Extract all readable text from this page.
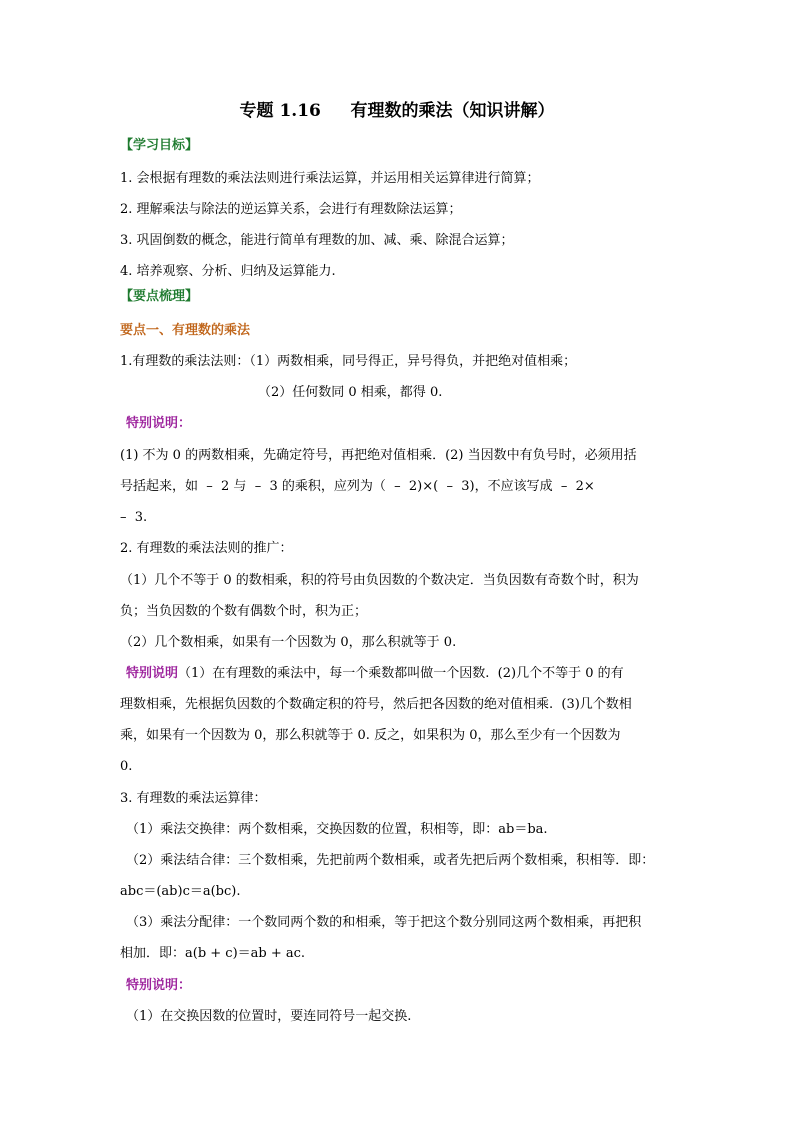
专题 1.16     有理数的乘法（知识讲解）
【学习目标】
1. 会根据有理数的乘法法则进行乘法运算，并运用相关运算律进行简算；
2. 理解乘法与除法的逆运算关系，会进行有理数除法运算；
3. 巩固倒数的概念，能进行简单有理数的加、减、乘、除混合运算；
4. 培养观察、分析、归纳及运算能力.
【要点梳理】
要点一、有理数的乘法
1.有理数的乘法法则：（1）两数相乘，同号得正，异号得负，并把绝对值相乘；
（2）任何数同 0 相乘，都得 0.
特别说明：
(1) 不为 0 的两数相乘，先确定符号，再把绝对值相乘．(2) 当因数中有负号时，必须用括
号括起来，如  –  2 与  –  3 的乘积，应列为（  –  2)×(  –  3)，不应该写成  –  2×
–  3.
2. 有理数的乘法法则的推广：
（1）几个不等于 0 的数相乘，积的符号由负因数的个数决定．当负因数有奇数个时，积为
负；当负因数的个数有偶数个时，积为正；
（2）几个数相乘，如果有一个因数为 0，那么积就等于 0.
特别说明（1）在有理数的乘法中，每一个乘数都叫做一个因数.  (2)几个不等于 0 的有
理数相乘，先根据负因数的个数确定积的符号，然后把各因数的绝对值相乘.  (3)几个数相
乘，如果有一个因数为 0，那么积就等于 0. 反之，如果积为 0，那么至少有一个因数为
0.
3. 有理数的乘法运算律：
（1）乘法交换律：两个数相乘，交换因数的位置，积相等，即：ab＝ba.
（2）乘法结合律：三个数相乘，先把前两个数相乘，或者先把后两个数相乘，积相等．即：
abc＝(ab)c＝a(bc).
（3）乘法分配律：一个数同两个数的和相乘，等于把这个数分别同这两个数相乘，再把积
相加．即：a(b + c)＝ab + ac.
特别说明：
（1）在交换因数的位置时，要连同符号一起交换.
